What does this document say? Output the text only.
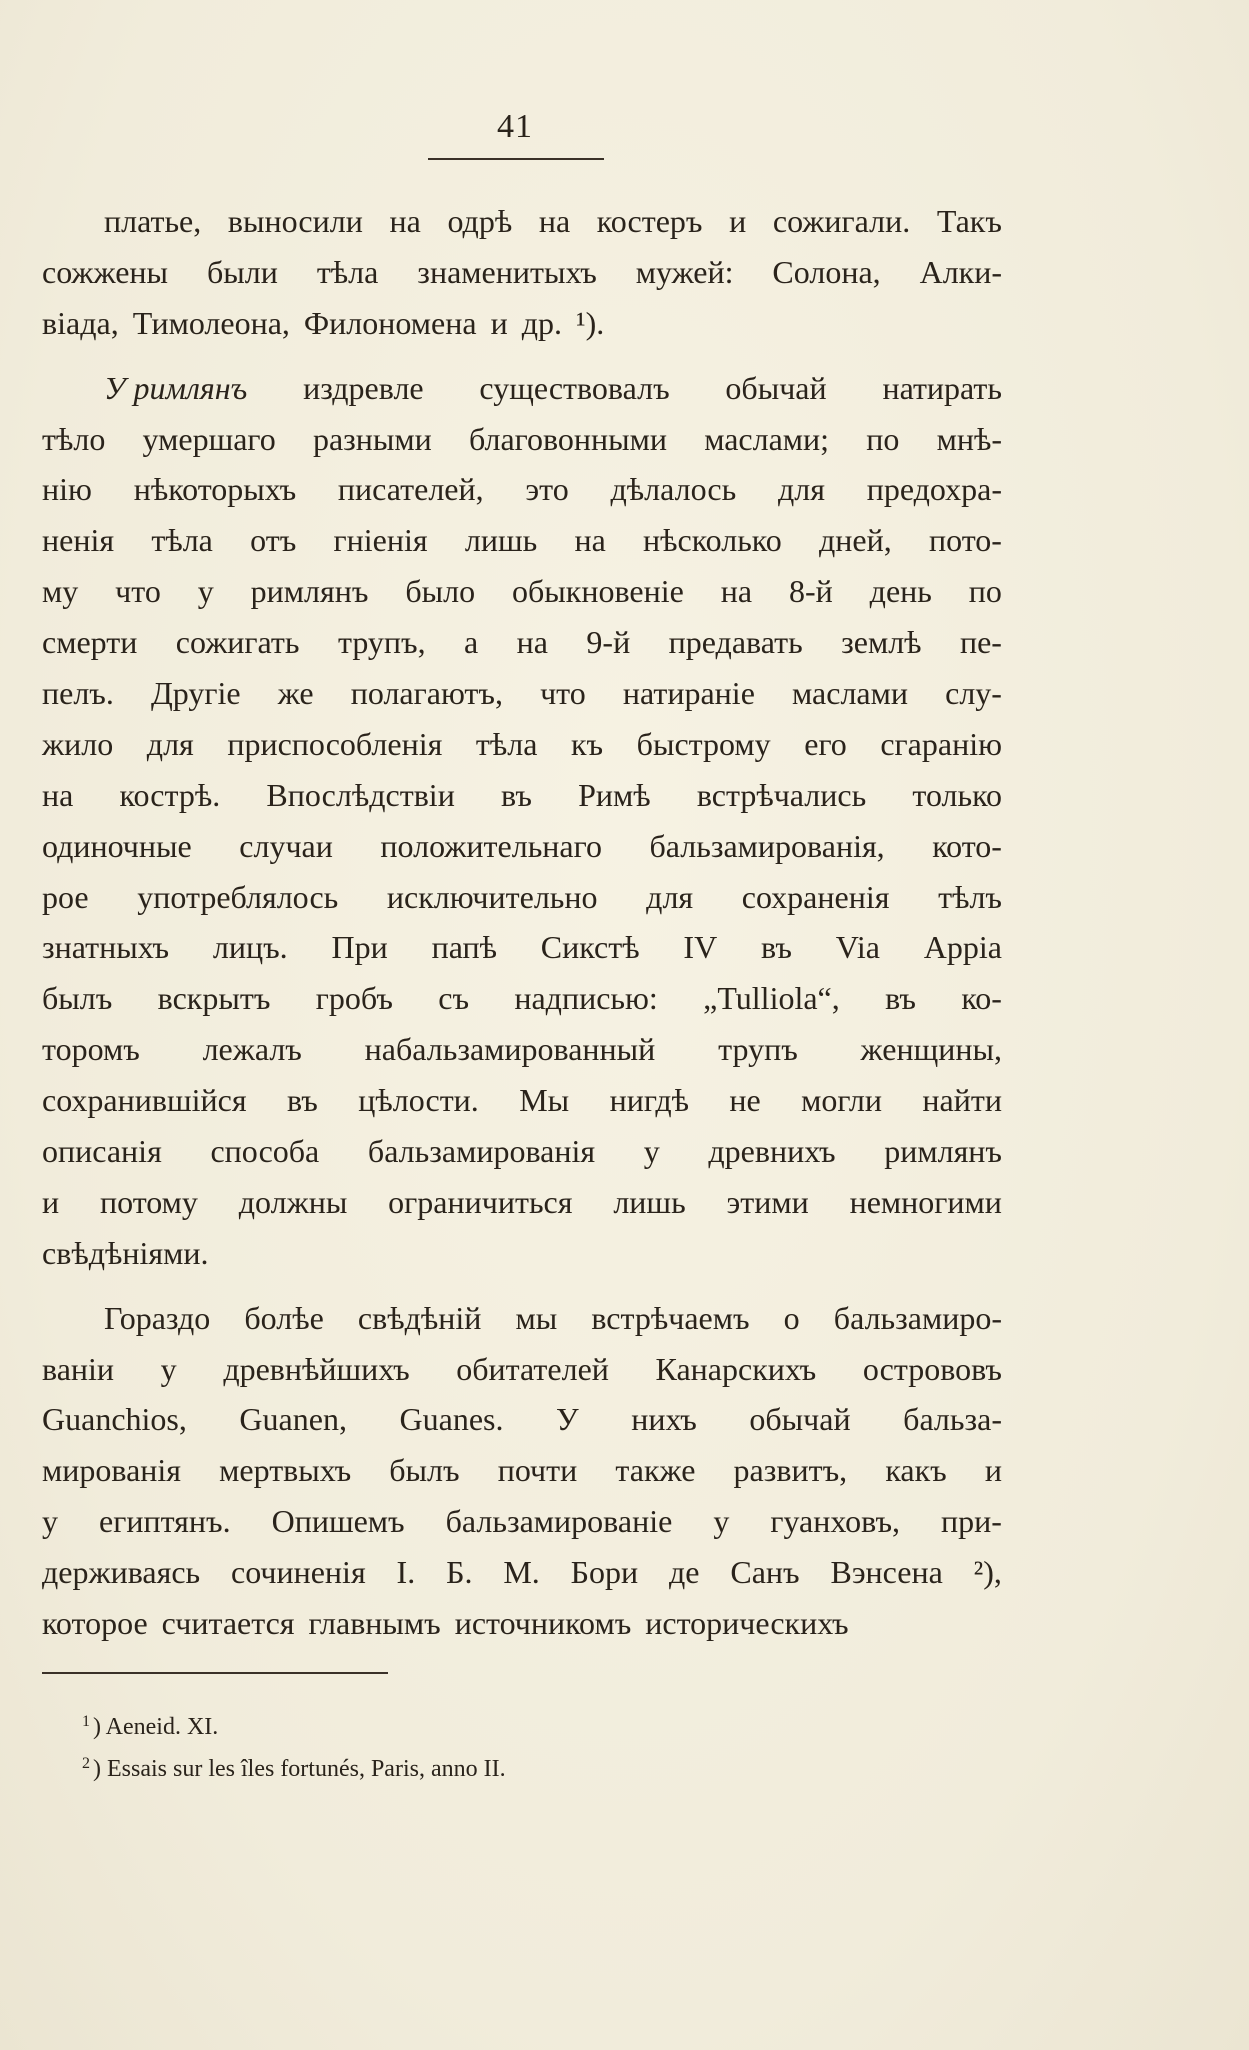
41
платье, выносили на одрѣ на костеръ и сожигали. Такъ
сожжены были тѣла знаменитыхъ мужей: Солона, Алки-
віада, Тимолеона, Филономена и др. ¹).
У римлянъ издревле существовалъ обычай натирать
тѣло умершаго разными благовонными маслами; по мнѣ-
нію нѣкоторыхъ писателей, это дѣлалось для предохра-
ненія тѣла отъ гніенія лишь на нѣсколько дней, пото-
му что у римлянъ было обыкновеніе на 8-й день по
смерти сожигать трупъ, а на 9-й предавать землѣ пе-
пелъ. Другіе же полагаютъ, что натираніе маслами слу-
жило для приспособленія тѣла къ быстрому его сгаранію
на кострѣ. Впослѣдствіи въ Римѣ встрѣчались только
одиночные случаи положительнаго бальзамированія, кото-
рое употреблялось исключительно для сохраненія тѣлъ
знатныхъ лицъ. При папѣ Сикстѣ IV въ Via Appia
былъ вскрытъ гробъ съ надписью: „Tulliola“, въ ко-
торомъ лежалъ набальзамированный трупъ женщины,
сохранившійся въ цѣлости. Мы нигдѣ не могли найти
описанія способа бальзамированія у древнихъ римлянъ
и потому должны ограничиться лишь этими немногими
свѣдѣніями.
Гораздо болѣе свѣдѣній мы встрѣчаемъ о бальзамиро-
ваніи у древнѣйшихъ обитателей Канарскихъ острововъ
Guanchios, Guanen, Guanes. У нихъ обычай бальза-
мированія мертвыхъ былъ почти также развитъ, какъ и
у египтянъ. Опишемъ бальзамированіе у гуанховъ, при-
держиваясь сочиненія I. Б. М. Бори де Санъ Вэнсена ²),
которое считается главнымъ источникомъ историческихъ
$^1$ ) Aeneid. XI.
$^2$ ) Essais sur les îles fortunés, Paris, anno II.
